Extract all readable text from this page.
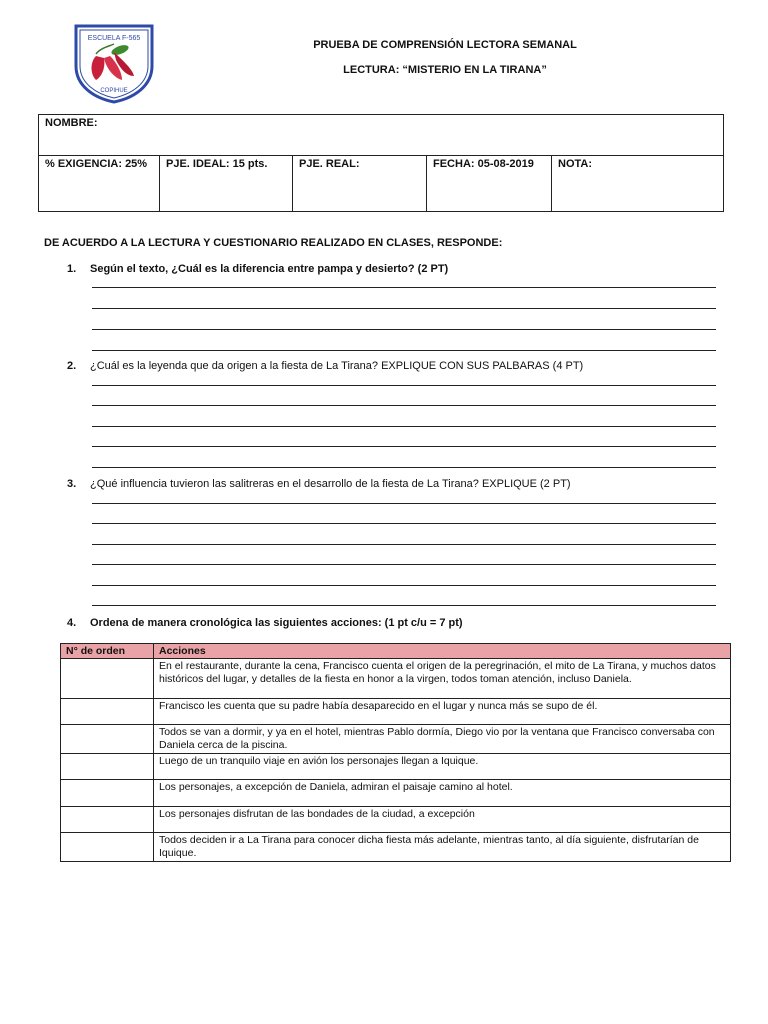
ESCUELA F-565
COPIHUE
PRUEBA DE COMPRENSIÓN LECTORA SEMANAL
LECTURA: “MISTERIO EN LA TIRANA”
NOMBRE:
% EXIGENCIA: 25%	PJE. IDEAL: 15 pts.	PJE. REAL:	FECHA: 05-08-2019	NOTA:
DE ACUERDO A LA LECTURA Y CUESTIONARIO REALIZADO EN CLASES, RESPONDE:
1. Según el texto, ¿Cuál es la diferencia entre pampa y desierto? (2 PT)
2. ¿Cuál es la leyenda que da origen a la fiesta de La Tirana? EXPLIQUE CON SUS PALBARAS (4 PT)
3. ¿Qué influencia tuvieron las salitreras en el desarrollo de la fiesta de La Tirana? EXPLIQUE (2 PT)
4. Ordena de manera cronológica las siguientes acciones: (1 pt c/u = 7 pt)
N° de orden	Acciones
	En el restaurante, durante la cena, Francisco cuenta el origen de la peregrinación, el mito de La Tirana, y muchos datos históricos del lugar, y detalles de la fiesta en honor a la virgen, todos toman atención, incluso Daniela.
	Francisco les cuenta que su padre había desaparecido en el lugar y nunca más se supo de él.
	Todos se van a dormir, y ya en el hotel, mientras Pablo dormía, Diego vio por la ventana que Francisco conversaba con Daniela cerca de la piscina.
	Luego de un tranquilo viaje en avión los personajes llegan a Iquique.
	Los personajes, a excepción de Daniela, admiran el paisaje camino al hotel.
	Los personajes disfrutan de las bondades de la ciudad, a excepción
	Todos deciden ir a La Tirana para conocer dicha fiesta más adelante, mientras tanto, al día siguiente, disfrutarían de Iquique.
